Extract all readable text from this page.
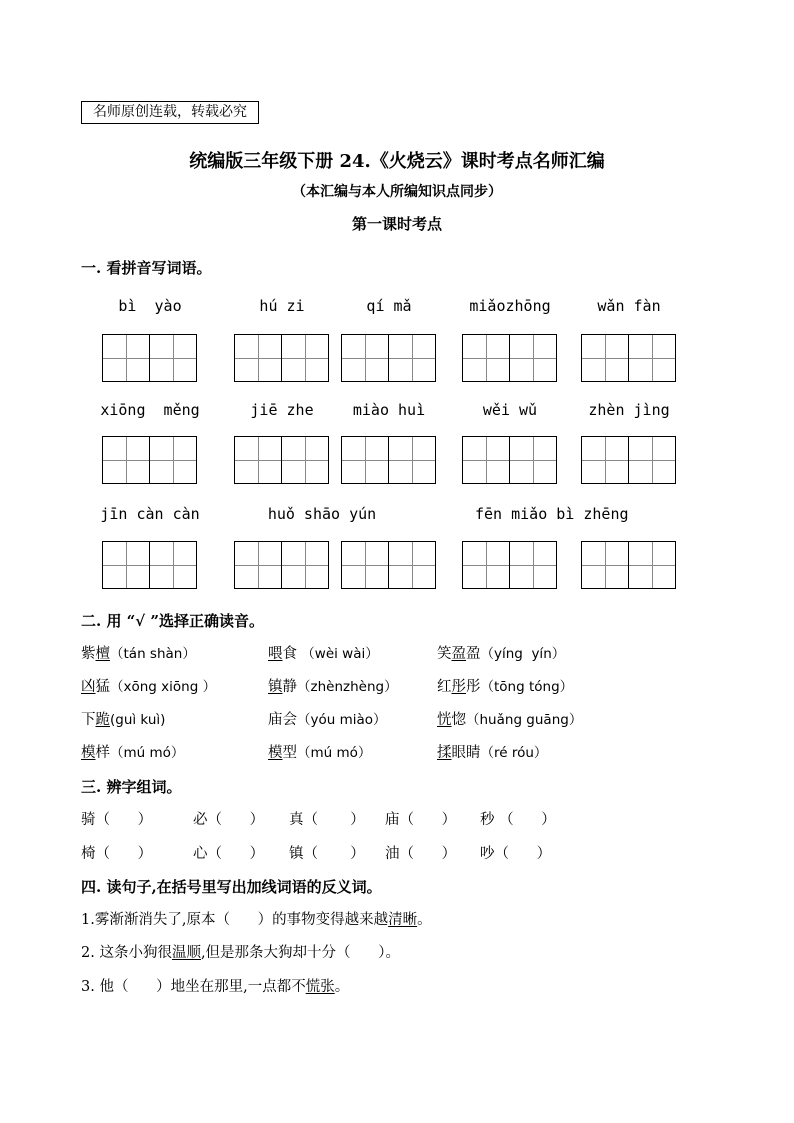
名师原创连载，转载必究
统编版三年级下册 24.《火烧云》课时考点名师汇编
（本汇编与本人所编知识点同步）
第一课时考点
一. 看拼音写词语。
bì  yào	hú zi	qí mǎ	miǎozhōng	wǎn fàn
xiōng  měng	jiē zhe	miào huì	wěi wǔ	zhèn jìng
jīn càn càn	huǒ shāo yún	fēn miǎo bì zhēng
二. 用 “√ ”选择正确读音。
紫檀（tán shàn）	喂食 （wèi wài）	笑盈盈（yíng  yín）
凶猛（xōng xiōng ）	镇静（zhènzhèng）	红彤彤（tōng tóng）
下跪(guì kuì)	庙会（yóu miào）	恍惚（huǎng guāng）
模样（mú mó）	模型（mú mó）	揉眼睛（ré róu）
三. 辨字组词。
骑（      ）	必（      ） 真（       ） 庙（      ） 秒 （      ）
椅（      ）	心（      ） 镇（       ） 油（      ） 吵（      ）
四. 读句子,在括号里写出加线词语的反义词。
1.雾渐渐消失了,原本（      ）的事物变得越来越清晰。
2. 这条小狗很温顺,但是那条大狗却十分（      ）。
3. 他（      ）地坐在那里,一点都不慌张。
